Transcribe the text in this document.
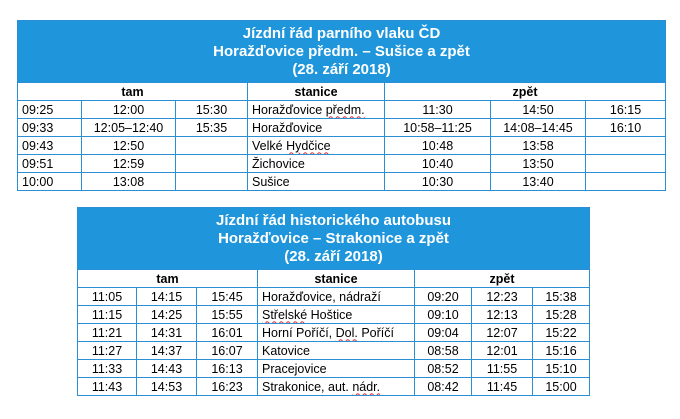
Jízdní řád parního vlaku ČD
Horažďovice předm. – Sušice a zpět
(28. září 2018)						

tam			stanice	zpět		
09:25	12:00	15:30	Horažďovice předm.	11:30	14:50	16:15
09:33	12:05–12:40	15:35	Horažďovice	10:58–11:25	14:08–14:45	16:10
09:43	12:50		Velké Hydčice	10:48	13:58	
09:51	12:59		Žichovice	10:40	13:50	
10:00	13:08		Sušice	10:30	13:40	
Jízdní řád historického autobusu
Horažďovice – Strakonice a zpět
(28. září 2018)						

tam			stanice	zpět		
11:05	14:15	15:45	Horažďovice, nádraží	09:20	12:23	15:38
11:15	14:25	15:55	Střelské Hoštice	09:10	12:13	15:28
11:21	14:31	16:01	Horní Poříčí, Dol. Poříčí	09:04	12:07	15:22
11:27	14:37	16:07	Katovice	08:58	12:01	15:16
11:33	14:43	16:13	Pracejovice	08:52	11:55	15:10
11:43	14:53	16:23	Strakonice, aut. nádr.	08:42	11:45	15:00
